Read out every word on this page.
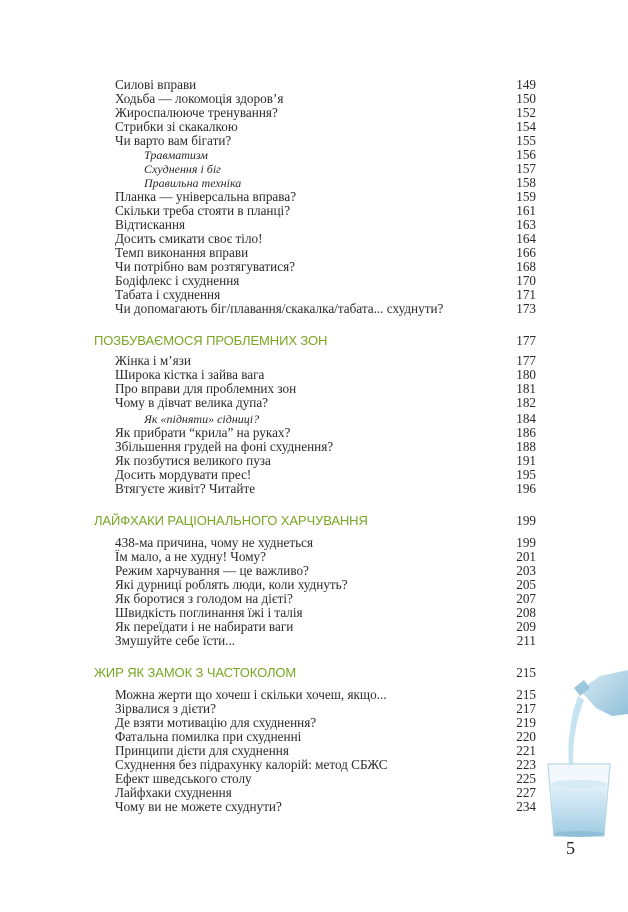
Силові вправи	149
Ходьба — локомоція здоров’я	150
Жироспалююче тренування?	152
Стрибки зі скакалкою	154
Чи варто вам бігати?	155
Травматизм	156
Схуднення і біг	157
Правильна техніка	158
Планка — універсальна вправа?	159
Скільки треба стояти в планці?	161
Відтискання	163
Досить смикати своє тіло!	164
Темп виконання вправи	166
Чи потрібно вам розтягуватися?	168
Бодіфлекс і схуднення	170
Табата і схуднення	171
Чи допомагають біг/плавання/скакалка/табата... схуднути?	173
ПОЗБУВАЄМОСЯ ПРОБЛЕМНИХ ЗОН	177
Жінка і м’язи	177
Широка кістка і зайва вага	180
Про вправи для проблемних зон	181
Чому в дівчат велика дупа?	182
Як «підняти» сідниці?	184
Як прибрати “крила” на руках?	186
Збільшення грудей на фоні схуднення?	188
Як позбутися великого пуза	191
Досить мордувати прес!	195
Втягуєте живіт? Читайте	196
ЛАЙФХАКИ РАЦІОНАЛЬНОГО ХАРЧУВАННЯ	199
438-ма причина, чому не худнеться	199
Їм мало, а не худну! Чому?	201
Режим харчування — це важливо?	203
Які дурниці роблять люди, коли худнуть?	205
Як боротися з голодом на дієті?	207
Швидкість поглинання їжі і талія	208
Як переїдати і не набирати ваги	209
Змушуйте себе їсти...	211
ЖИР ЯК ЗАМОК З ЧАСТОКОЛОМ	215
Можна жерти що хочеш і скільки хочеш, якщо...	215
Зірвалися з дієти?	217
Де взяти мотивацію для схуднення?	219
Фатальна помилка при схудненні	220
Принципи дієти для схуднення	221
Схуднення без підрахунку калорій: метод СБЖС	223
Ефект шведського столу	225
Лайфхаки схуднення	227
Чому ви не можете схуднути?	234
5
